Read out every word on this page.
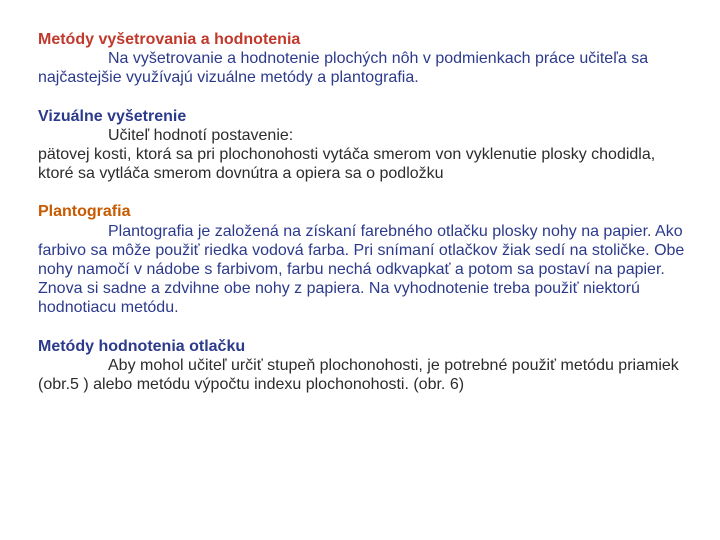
Metódy vyšetrovania a hodnotenia
Na vyšetrovanie a hodnotenie plochých nôh v podmienkach práce učiteľa sa najčastejšie využívajú vizuálne metódy a plantografia.
Vizuálne vyšetrenie
Učiteľ hodnotí postavenie:
pätovej kosti, ktorá sa pri plochonohosti vytáča smerom von vyklenutie plosky chodidla, ktoré sa vytláča smerom dovnútra a opiera sa o podložku
Plantografia
Plantografia je založená na získaní farebného otlačku plosky nohy na papier. Ako farbivo sa môže použiť riedka vodová farba. Pri snímaní otlačkov žiak sedí na stoličke. Obe nohy namočí v nádobe s farbivom, farbu nechá odkvapkať a potom sa postaví na papier. Znova si sadne a zdvihne obe nohy z papiera. Na vyhodnotenie treba použiť niektorú hodnotiacu metódu.
Metódy hodnotenia otlačku
Aby mohol učiteľ určiť stupeň plochonohosti, je potrebné použiť metódu priamiek (obr.5 ) alebo metódu výpočtu indexu plochonohosti. (obr. 6)
